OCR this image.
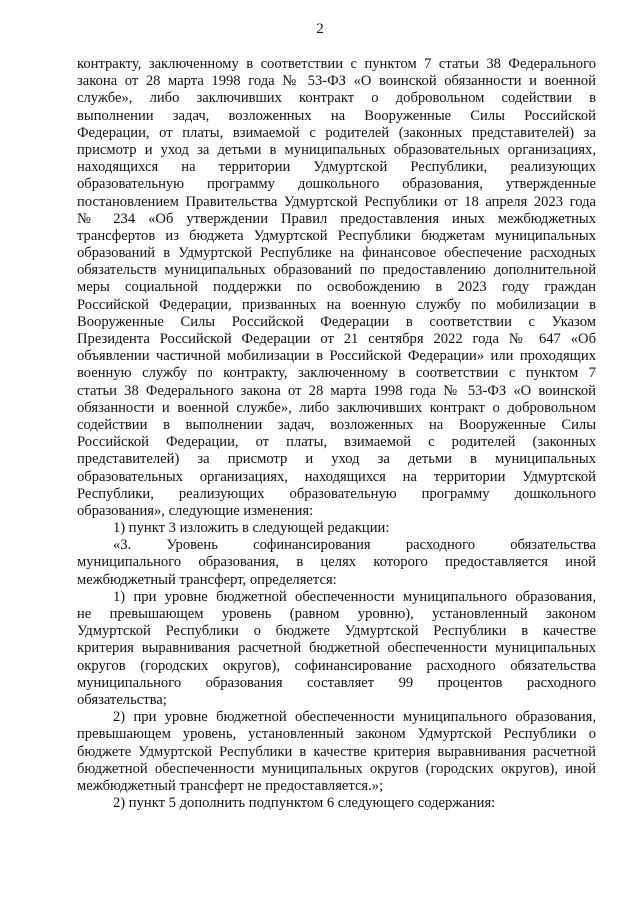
2
контракту, заключенному в соответствии с пунктом 7 статьи 38 Федерального
закона от 28 марта 1998 года № 53-ФЗ «О воинской обязанности и военной
службе», либо заключивших контракт о добровольном содействии в
выполнении задач, возложенных на Вооруженные Силы Российской
Федерации, от платы, взимаемой с родителей (законных представителей) за
присмотр и уход за детьми в муниципальных образовательных организациях,
находящихся на территории Удмуртской Республики, реализующих
образовательную программу дошкольного образования, утвержденные
постановлением Правительства Удмуртской Республики от 18 апреля 2023 года
№ 234 «Об утверждении Правил предоставления иных межбюджетных
трансфертов из бюджета Удмуртской Республики бюджетам муниципальных
образований в Удмуртской Республике на финансовое обеспечение расходных
обязательств муниципальных образований по предоставлению дополнительной
меры социальной поддержки по освобождению в 2023 году граждан
Российской Федерации, призванных на военную службу по мобилизации в
Вооруженные Силы Российской Федерации в соответствии с Указом
Президента Российской Федерации от 21 сентября 2022 года № 647 «Об
объявлении частичной мобилизации в Российской Федерации» или проходящих
военную службу по контракту, заключенному в соответствии с пунктом 7
статьи 38 Федерального закона от 28 марта 1998 года № 53-ФЗ «О воинской
обязанности и военной службе», либо заключивших контракт о добровольном
содействии в выполнении задач, возложенных на Вооруженные Силы
Российской Федерации, от платы, взимаемой с родителей (законных
представителей) за присмотр и уход за детьми в муниципальных
образовательных организациях, находящихся на территории Удмуртской
Республики, реализующих образовательную программу дошкольного
образования», следующие изменения:
1) пункт 3 изложить в следующей редакции:
«3. Уровень софинансирования расходного обязательства
муниципального образования, в целях которого предоставляется иной
межбюджетный трансферт, определяется:
1) при уровне бюджетной обеспеченности муниципального образования,
не превышающем уровень (равном уровню), установленный законом
Удмуртской Республики о бюджете Удмуртской Республики в качестве
критерия выравнивания расчетной бюджетной обеспеченности муниципальных
округов (городских округов), софинансирование расходного обязательства
муниципального образования составляет 99 процентов расходного
обязательства;
2) при уровне бюджетной обеспеченности муниципального образования,
превышающем уровень, установленный законом Удмуртской Республики о
бюджете Удмуртской Республики в качестве критерия выравнивания расчетной
бюджетной обеспеченности муниципальных округов (городских округов), иной
межбюджетный трансферт не предоставляется.»;
2) пункт 5 дополнить подпунктом 6 следующего содержания:
